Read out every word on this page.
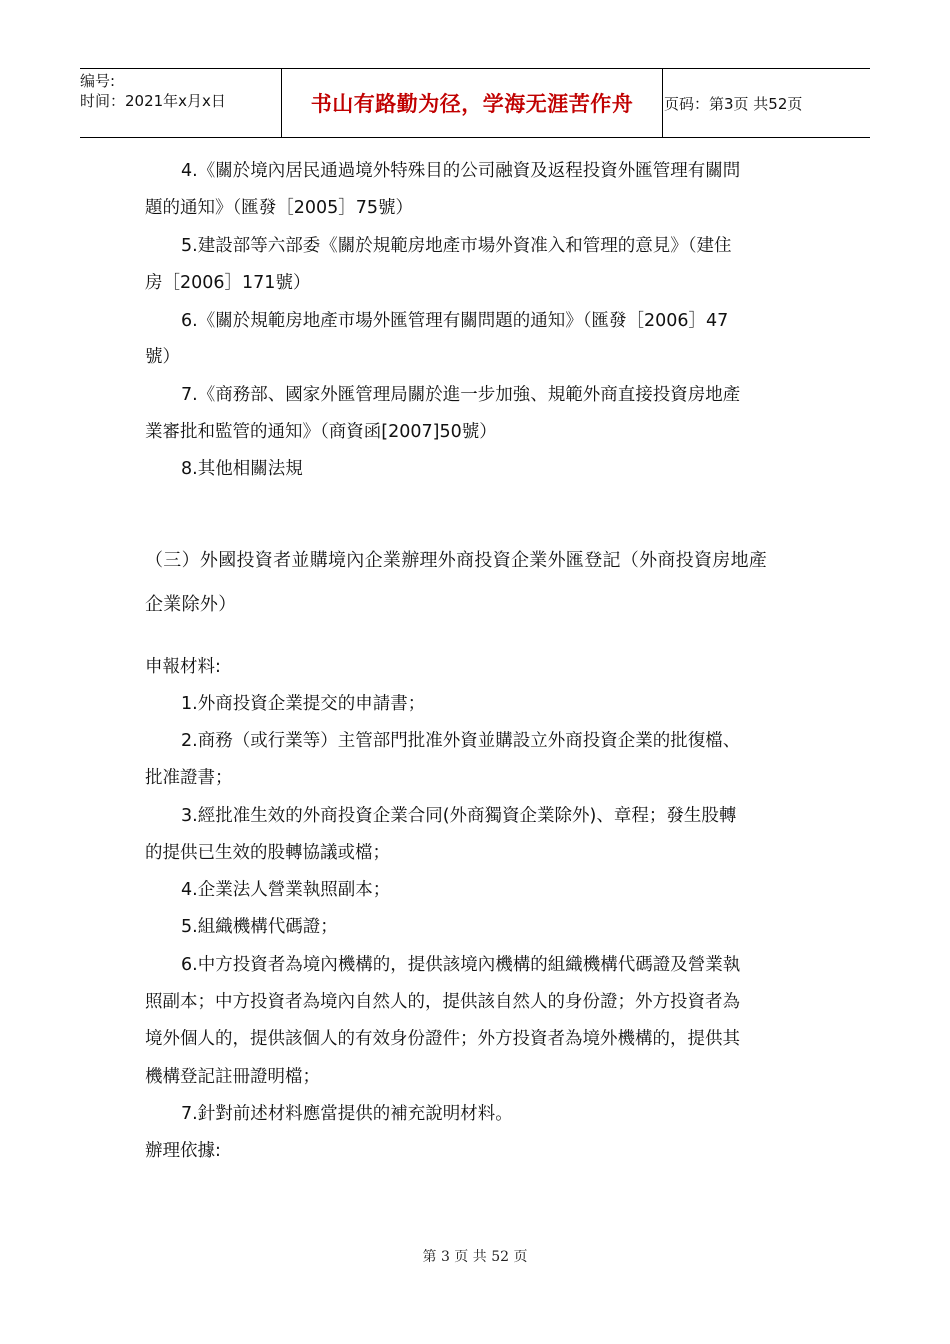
编号:
时间：2021年x月x日	书山有路勤为径，学海无涯苦作舟 页码：第3页 共52页
4.《關於境內居民通過境外特殊目的公司融資及返程投資外匯管理有關問
題的通知》（匯發［2005］75號）
5.建設部等六部委《關於規範房地產市場外資准入和管理的意見》（建住
房［2006］171號）
6.《關於規範房地產市場外匯管理有關問題的通知》（匯發［2006］47
號）
7.《商務部、國家外匯管理局關於進一步加強、規範外商直接投資房地產
業審批和監管的通知》（商資函[2007]50號）
8.其他相關法規
（三）外國投資者並購境內企業辦理外商投資企業外匯登記（外商投資房地產
企業除外）
申報材料:
1.外商投資企業提交的申請書；
2.商務（或行業等）主管部門批准外資並購設立外商投資企業的批復檔、
批准證書；
3.經批准生效的外商投資企業合同(外商獨資企業除外)、章程；發生股轉
的提供已生效的股轉協議或檔；
4.企業法人營業執照副本；
5.組織機構代碼證；
6.中方投資者為境內機構的，提供該境內機構的組織機構代碼證及營業執
照副本；中方投資者為境內自然人的，提供該自然人的身份證；外方投資者為
境外個人的，提供該個人的有效身份證件；外方投資者為境外機構的，提供其
機構登記註冊證明檔；
7.針對前述材料應當提供的補充說明材料。
辦理依據:
第 3 页 共 52 页
